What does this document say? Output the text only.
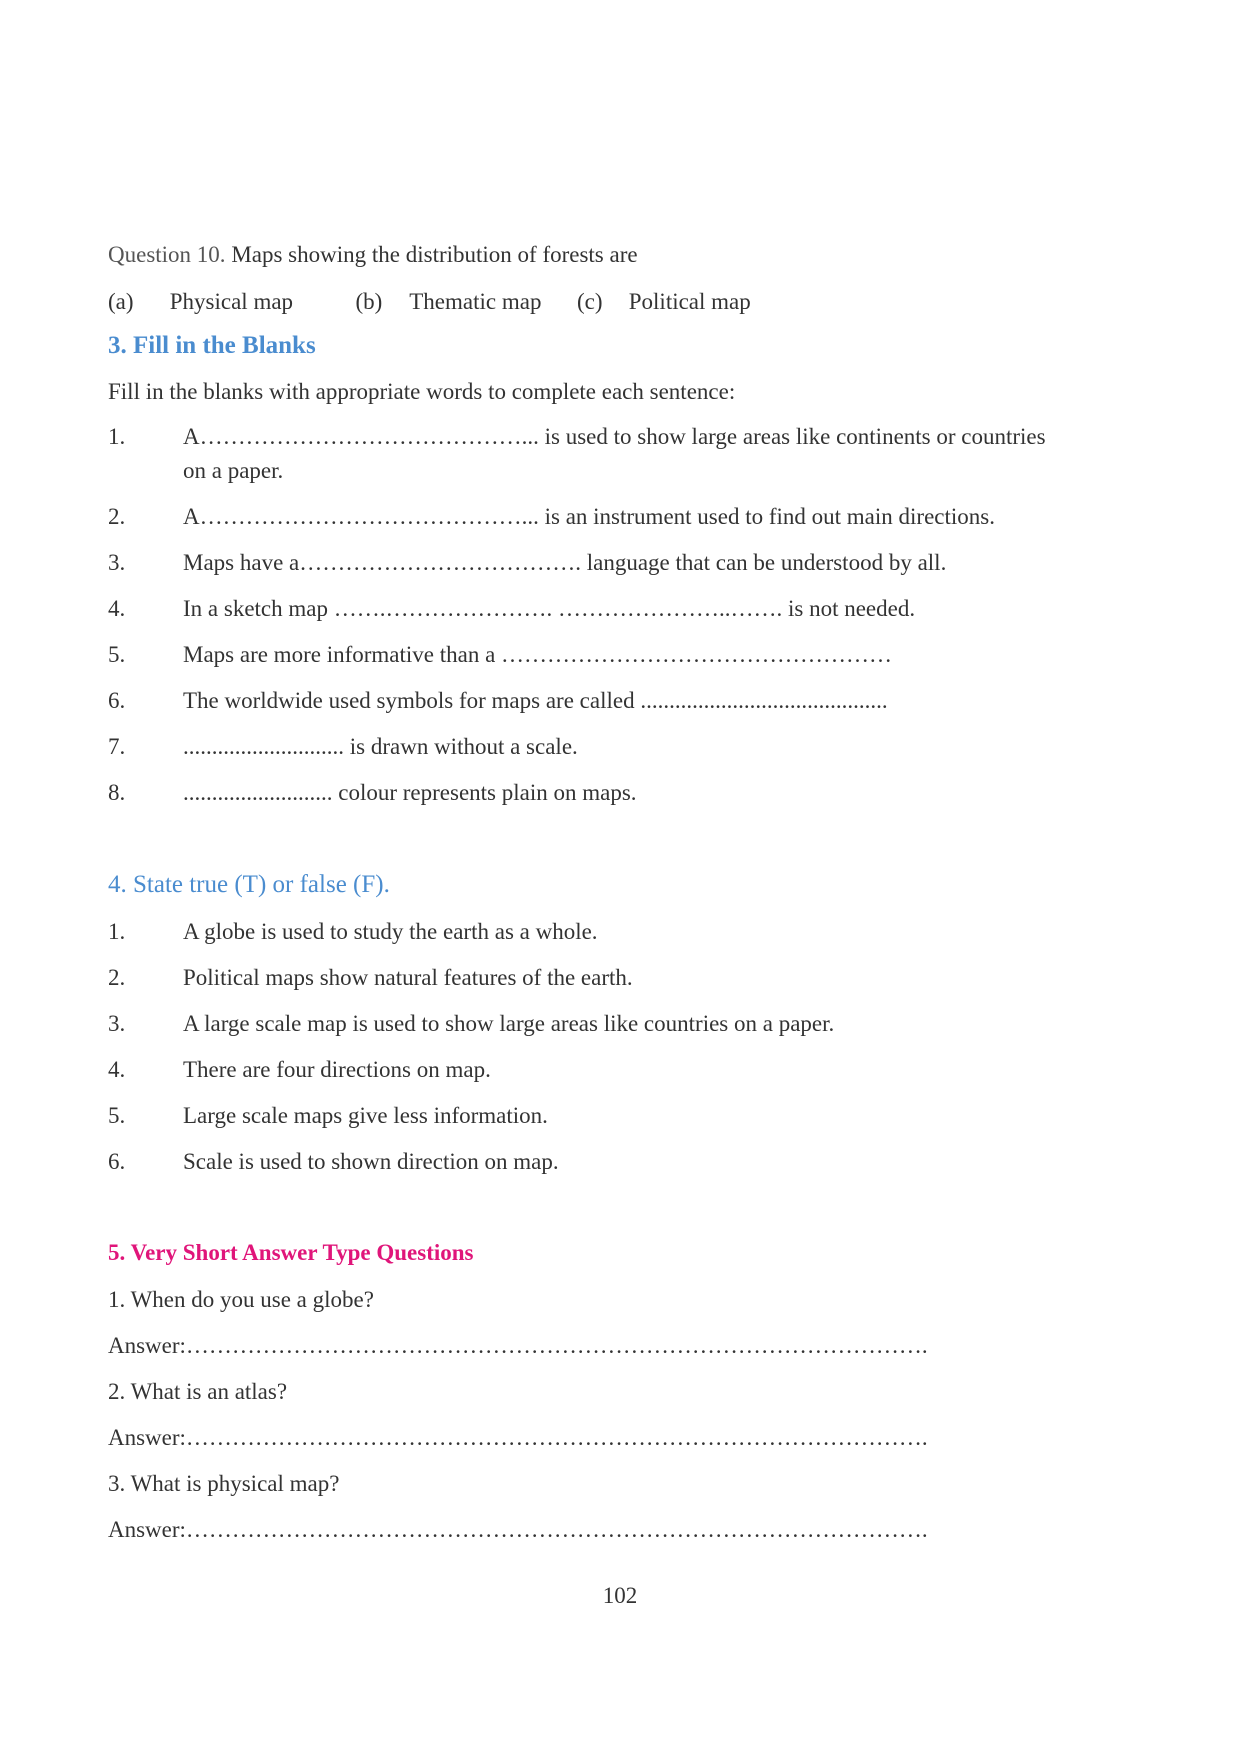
Question 10. Maps showing the distribution of forests are
(a) Physical map	(b) Thematic map (c) Political map
3. Fill in the Blanks
Fill in the blanks with appropriate words to complete each sentence:
1.	A……………………………………... is used to show large areas like continents or countries
on a paper.
2.	A……………………………………... is an instrument used to find out main directions.
3.	Maps have a………………………………. language that can be understood by all.
4.	In a sketch map …….…………………. …………………..……. is not needed.
5.	Maps are more informative than a ……………………………………………
6.	The worldwide used symbols for maps are called ...........................................
7.	............................ is drawn without a scale.
8.	.......................... colour represents plain on maps.
4. State true (T) or false (F).
1.	A globe is used to study the earth as a whole.
2.	Political maps show natural features of the earth.
3.	A large scale map is used to show large areas like countries on a paper.
4.	There are four directions on map.
5.	Large scale maps give less information.
6.	Scale is used to shown direction on map.
5. Very Short Answer Type Questions
1. When do you use a globe?
Answer:…………………………………………………………………………………….
2. What is an atlas?
Answer:…………………………………………………………………………………….
3. What is physical map?
Answer:…………………………………………………………………………………….
102
